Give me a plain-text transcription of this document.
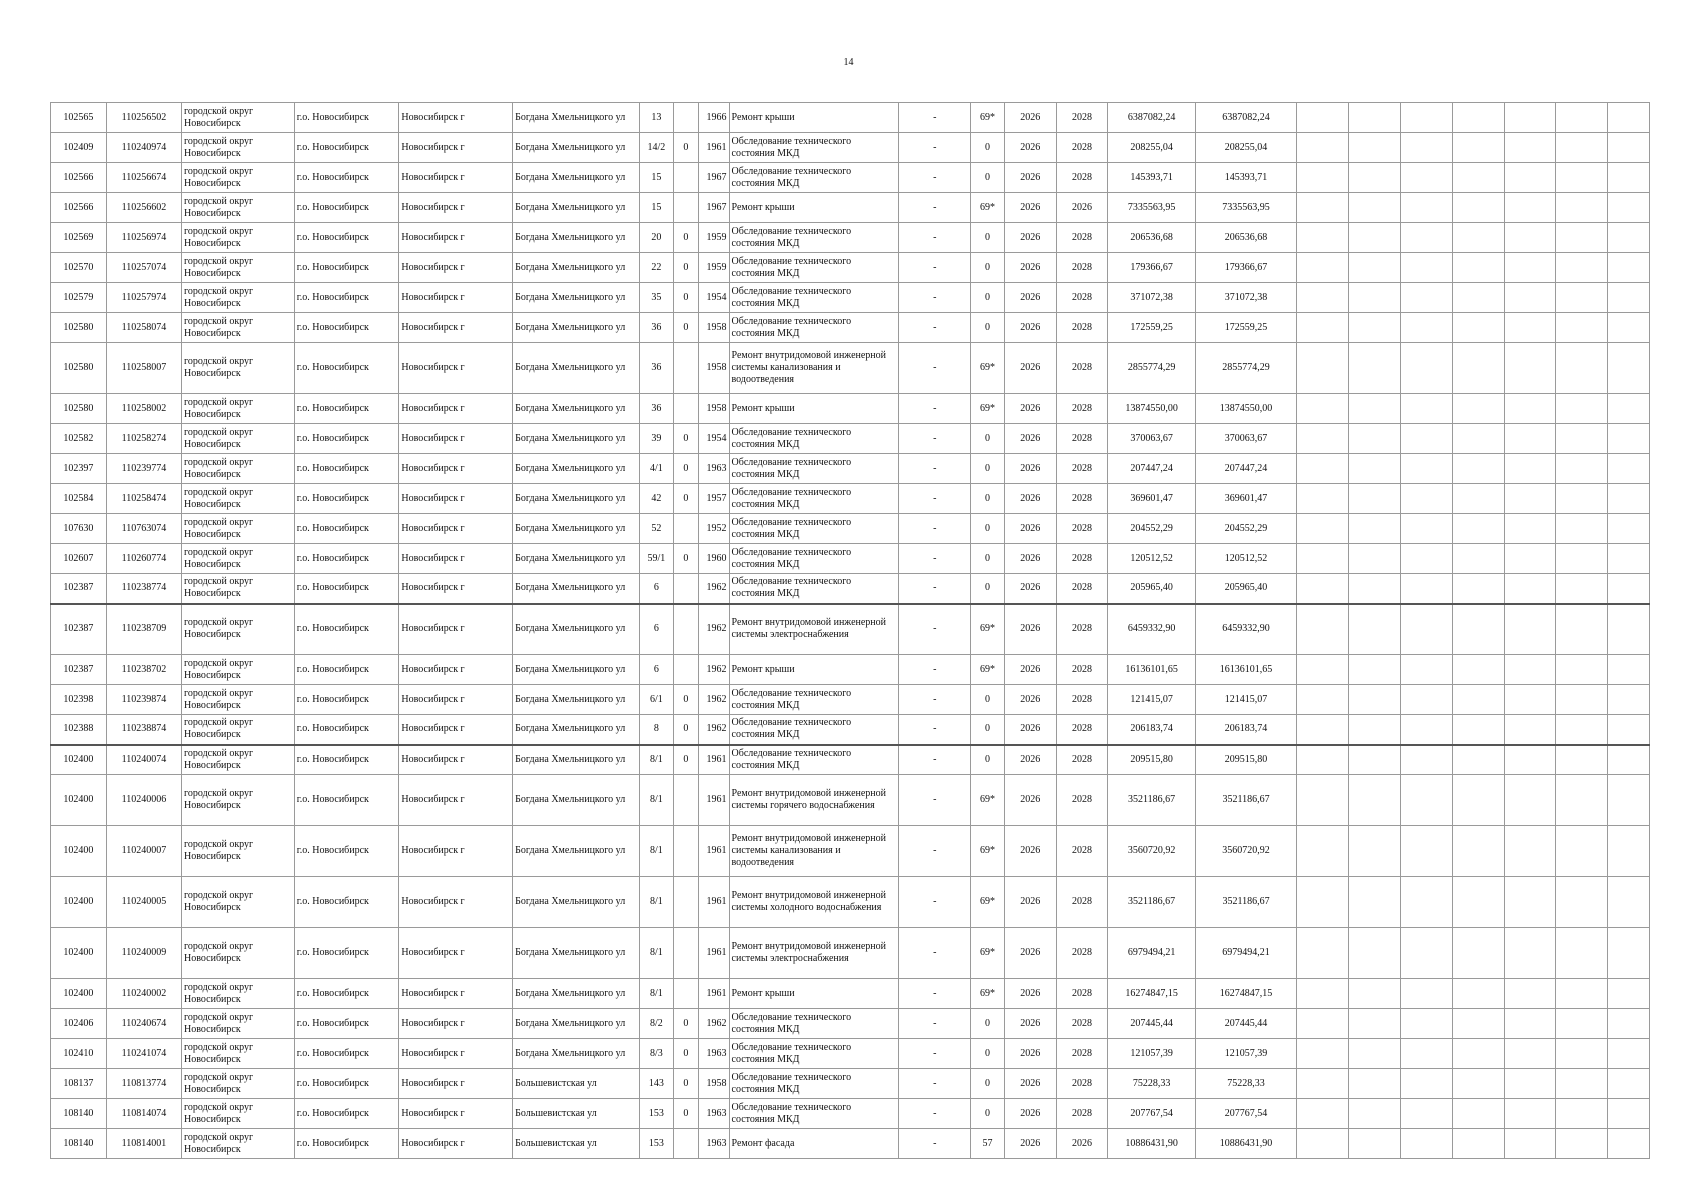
14
102565	110256502	городской округ Новосибирск	г.о. Новосибирск	Новосибирск г	Богдана Хмельницкого ул	13		1966	Ремонт крыши	-	69*	2026	2028	6387082,24	6387082,24							
102409	110240974	городской округ Новосибирск	г.о. Новосибирск	Новосибирск г	Богдана Хмельницкого ул	14/2	0	1961	Обследование технического состояния МКД	-	0	2026	2028	208255,04	208255,04							
102566	110256674	городской округ Новосибирск	г.о. Новосибирск	Новосибирск г	Богдана Хмельницкого ул	15		1967	Обследование технического состояния МКД	-	0	2026	2028	145393,71	145393,71							
102566	110256602	городской округ Новосибирск	г.о. Новосибирск	Новосибирск г	Богдана Хмельницкого ул	15		1967	Ремонт крыши	-	69*	2026	2026	7335563,95	7335563,95							
102569	110256974	городской округ Новосибирск	г.о. Новосибирск	Новосибирск г	Богдана Хмельницкого ул	20	0	1959	Обследование технического состояния МКД	-	0	2026	2028	206536,68	206536,68							
102570	110257074	городской округ Новосибирск	г.о. Новосибирск	Новосибирск г	Богдана Хмельницкого ул	22	0	1959	Обследование технического состояния МКД	-	0	2026	2028	179366,67	179366,67							
102579	110257974	городской округ Новосибирск	г.о. Новосибирск	Новосибирск г	Богдана Хмельницкого ул	35	0	1954	Обследование технического состояния МКД	-	0	2026	2028	371072,38	371072,38							
102580	110258074	городской округ Новосибирск	г.о. Новосибирск	Новосибирск г	Богдана Хмельницкого ул	36	0	1958	Обследование технического состояния МКД	-	0	2026	2028	172559,25	172559,25							
102580	110258007	городской округ Новосибирск	г.о. Новосибирск	Новосибирск г	Богдана Хмельницкого ул	36		1958	Ремонт внутридомовой инженерной системы канализования и водоотведения	-	69*	2026	2028	2855774,29	2855774,29							
102580	110258002	городской округ Новосибирск	г.о. Новосибирск	Новосибирск г	Богдана Хмельницкого ул	36		1958	Ремонт крыши	-	69*	2026	2028	13874550,00	13874550,00							
102582	110258274	городской округ Новосибирск	г.о. Новосибирск	Новосибирск г	Богдана Хмельницкого ул	39	0	1954	Обследование технического состояния МКД	-	0	2026	2028	370063,67	370063,67							
102397	110239774	городской округ Новосибирск	г.о. Новосибирск	Новосибирск г	Богдана Хмельницкого ул	4/1	0	1963	Обследование технического состояния МКД	-	0	2026	2028	207447,24	207447,24							
102584	110258474	городской округ Новосибирск	г.о. Новосибирск	Новосибирск г	Богдана Хмельницкого ул	42	0	1957	Обследование технического состояния МКД	-	0	2026	2028	369601,47	369601,47							
107630	110763074	городской округ Новосибирск	г.о. Новосибирск	Новосибирск г	Богдана Хмельницкого ул	52		1952	Обследование технического состояния МКД	-	0	2026	2028	204552,29	204552,29							
102607	110260774	городской округ Новосибирск	г.о. Новосибирск	Новосибирск г	Богдана Хмельницкого ул	59/1	0	1960	Обследование технического состояния МКД	-	0	2026	2028	120512,52	120512,52							
102387	110238774	городской округ Новосибирск	г.о. Новосибирск	Новосибирск г	Богдана Хмельницкого ул	6		1962	Обследование технического состояния МКД	-	0	2026	2028	205965,40	205965,40							
102387	110238709	городской округ Новосибирск	г.о. Новосибирск	Новосибирск г	Богдана Хмельницкого ул	6		1962	Ремонт внутридомовой инженерной системы электроснабжения	-	69*	2026	2028	6459332,90	6459332,90							
102387	110238702	городской округ Новосибирск	г.о. Новосибирск	Новосибирск г	Богдана Хмельницкого ул	6		1962	Ремонт крыши	-	69*	2026	2028	16136101,65	16136101,65							
102398	110239874	городской округ Новосибирск	г.о. Новосибирск	Новосибирск г	Богдана Хмельницкого ул	6/1	0	1962	Обследование технического состояния МКД	-	0	2026	2028	121415,07	121415,07							
102388	110238874	городской округ Новосибирск	г.о. Новосибирск	Новосибирск г	Богдана Хмельницкого ул	8	0	1962	Обследование технического состояния МКД	-	0	2026	2028	206183,74	206183,74							
102400	110240074	городской округ Новосибирск	г.о. Новосибирск	Новосибирск г	Богдана Хмельницкого ул	8/1	0	1961	Обследование технического состояния МКД	-	0	2026	2028	209515,80	209515,80							
102400	110240006	городской округ Новосибирск	г.о. Новосибирск	Новосибирск г	Богдана Хмельницкого ул	8/1		1961	Ремонт внутридомовой инженерной системы горячего водоснабжения	-	69*	2026	2028	3521186,67	3521186,67							
102400	110240007	городской округ Новосибирск	г.о. Новосибирск	Новосибирск г	Богдана Хмельницкого ул	8/1		1961	Ремонт внутридомовой инженерной системы канализования и водоотведения	-	69*	2026	2028	3560720,92	3560720,92							
102400	110240005	городской округ Новосибирск	г.о. Новосибирск	Новосибирск г	Богдана Хмельницкого ул	8/1		1961	Ремонт внутридомовой инженерной системы холодного водоснабжения	-	69*	2026	2028	3521186,67	3521186,67							
102400	110240009	городской округ Новосибирск	г.о. Новосибирск	Новосибирск г	Богдана Хмельницкого ул	8/1		1961	Ремонт внутридомовой инженерной системы электроснабжения	-	69*	2026	2028	6979494,21	6979494,21							
102400	110240002	городской округ Новосибирск	г.о. Новосибирск	Новосибирск г	Богдана Хмельницкого ул	8/1		1961	Ремонт крыши	-	69*	2026	2028	16274847,15	16274847,15							
102406	110240674	городской округ Новосибирск	г.о. Новосибирск	Новосибирск г	Богдана Хмельницкого ул	8/2	0	1962	Обследование технического состояния МКД	-	0	2026	2028	207445,44	207445,44							
102410	110241074	городской округ Новосибирск	г.о. Новосибирск	Новосибирск г	Богдана Хмельницкого ул	8/3	0	1963	Обследование технического состояния МКД	-	0	2026	2028	121057,39	121057,39							
108137	110813774	городской округ Новосибирск	г.о. Новосибирск	Новосибирск г	Большевистская ул	143	0	1958	Обследование технического состояния МКД	-	0	2026	2028	75228,33	75228,33							
108140	110814074	городской округ Новосибирск	г.о. Новосибирск	Новосибирск г	Большевистская ул	153	0	1963	Обследование технического состояния МКД	-	0	2026	2028	207767,54	207767,54							
108140	110814001	городской округ Новосибирск	г.о. Новосибирск	Новосибирск г	Большевистская ул	153		1963	Ремонт фасада	-	57	2026	2026	10886431,90	10886431,90							
